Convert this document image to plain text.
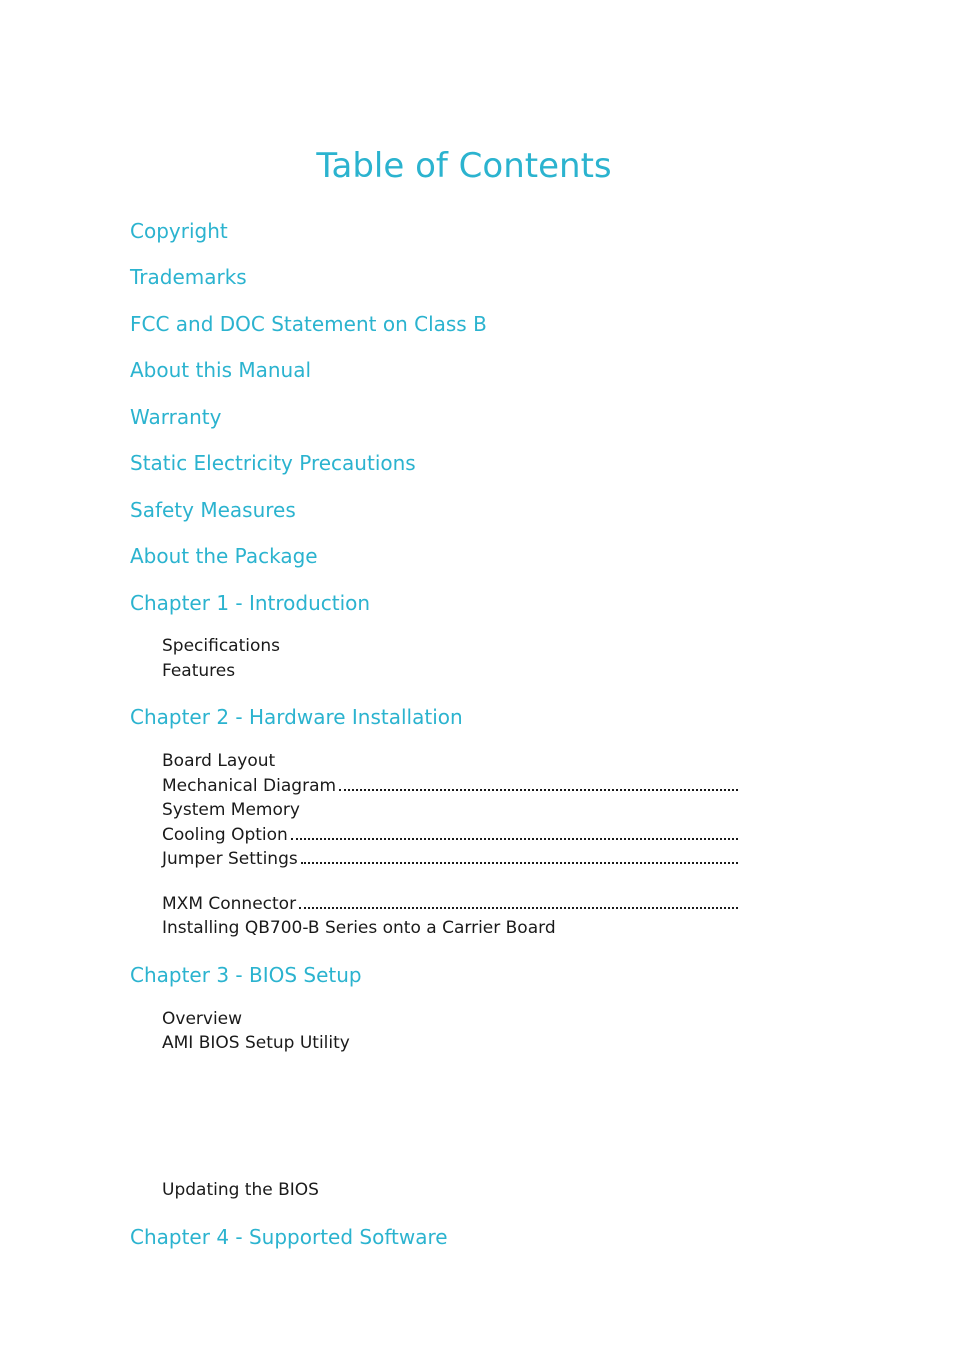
Table of Contents
Copyright
Trademarks
FCC and DOC Statement on Class B
About this Manual
Warranty
Static Electricity Precautions
Safety Measures
About the Package
Chapter 1 - Introduction
Specifications
Features
Chapter 2 - Hardware Installation
Board Layout
Mechanical Diagram
System Memory
Cooling Option
Jumper Settings
MXM Connector
Installing QB700-B Series onto a Carrier Board
Chapter 3 - BIOS Setup
Overview
AMI BIOS Setup Utility
Updating the BIOS
Chapter 4 - Supported Software
